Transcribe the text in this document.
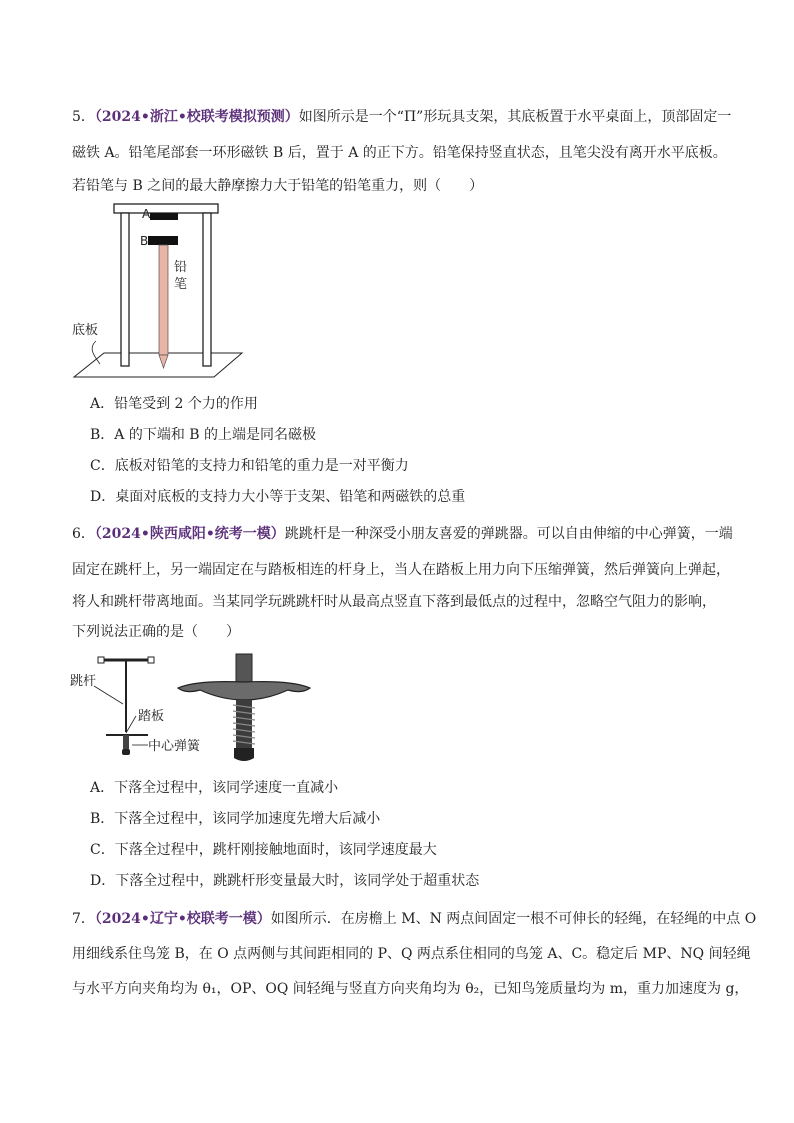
5．（2024•浙江•校联考模拟预测）如图所示是一个“Π”形玩具支架，其底板置于水平桌面上，顶部固定一
磁铁 A。铅笔尾部套一环形磁铁 B 后，置于 A 的正下方。铅笔保持竖直状态，且笔尖没有离开水平底板。
若铅笔与 B 之间的最大静摩擦力大于铅笔的铅笔重力，则（　　）
A
B
铅
笔
底板
A．铅笔受到 2 个力的作用
B．A 的下端和 B 的上端是同名磁极
C．底板对铅笔的支持力和铅笔的重力是一对平衡力
D．桌面对底板的支持力大小等于支架、铅笔和两磁铁的总重
6．（2024•陕西咸阳•统考一模）跳跳杆是一种深受小朋友喜爱的弹跳器。可以自由伸缩的中心弹簧，一端
固定在跳杆上，另一端固定在与踏板相连的杆身上，当人在踏板上用力向下压缩弹簧，然后弹簧向上弹起，
将人和跳杆带离地面。当某同学玩跳跳杆时从最高点竖直下落到最低点的过程中，忽略空气阻力的影响，
下列说法正确的是（　　）
跳杆
踏板
中心弹簧
A．下落全过程中，该同学速度一直减小
B．下落全过程中，该同学加速度先增大后减小
C．下落全过程中，跳杆刚接触地面时，该同学速度最大
D．下落全过程中，跳跳杆形变量最大时，该同学处于超重状态
7．（2024•辽宁•校联考一模）如图所示．在房檐上 M、N 两点间固定一根不可伸长的轻绳，在轻绳的中点 O
用细线系住鸟笼 B，在 O 点两侧与其间距相同的 P、Q 两点系住相同的鸟笼 A、C。稳定后 MP、NQ 间轻绳
与水平方向夹角均为 θ₁，OP、OQ 间轻绳与竖直方向夹角均为 θ₂，已知鸟笼质量均为 m，重力加速度为 g，
